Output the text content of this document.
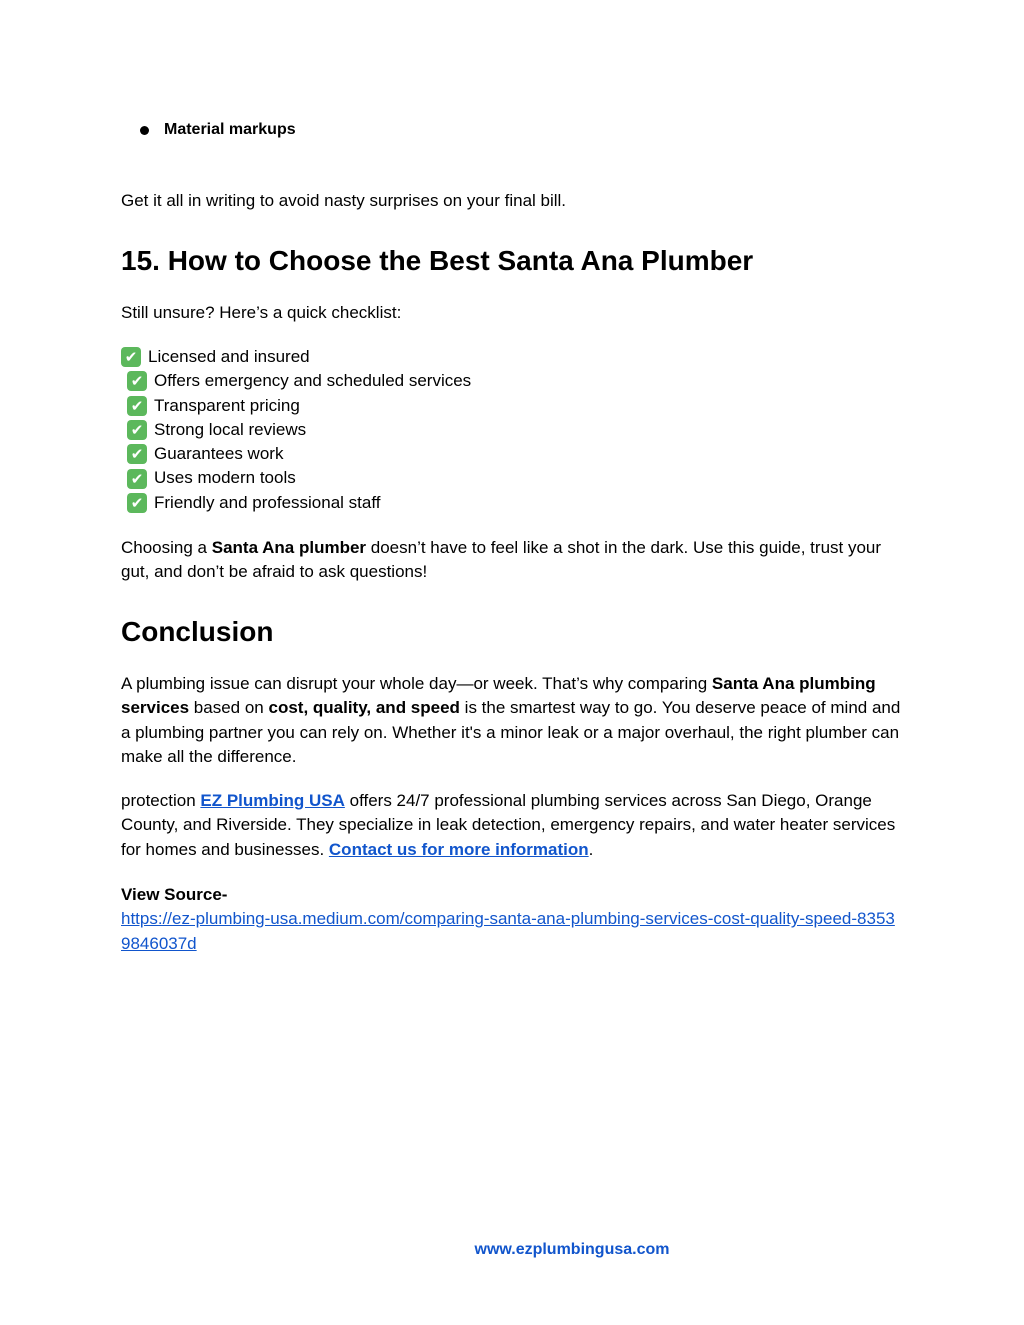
Material markups

Get it all in writing to avoid nasty surprises on your final bill.

15. How to Choose the Best Santa Ana Plumber

Still unsure? Here’s a quick checklist:

✔ Licensed and insured
✔ Offers emergency and scheduled services
✔ Transparent pricing
✔ Strong local reviews
✔ Guarantees work
✔ Uses modern tools
✔ Friendly and professional staff

Choosing a Santa Ana plumber doesn’t have to feel like a shot in the dark. Use this guide, trust your gut, and don’t be afraid to ask questions!

Conclusion

A plumbing issue can disrupt your whole day—or week. That’s why comparing Santa Ana plumbing services based on cost, quality, and speed is the smartest way to go. You deserve peace of mind and a plumbing partner you can rely on. Whether it's a minor leak or a major overhaul, the right plumber can make all the difference.

protection EZ Plumbing USA offers 24/7 professional plumbing services across San Diego, Orange County, and Riverside. They specialize in leak detection, emergency repairs, and water heater services for homes and businesses. Contact us for more information.

View Source-
https://ez-plumbing-usa.medium.com/comparing-santa-ana-plumbing-services-cost-quality-speed-83539846037d
www.ezplumbingusa.com
